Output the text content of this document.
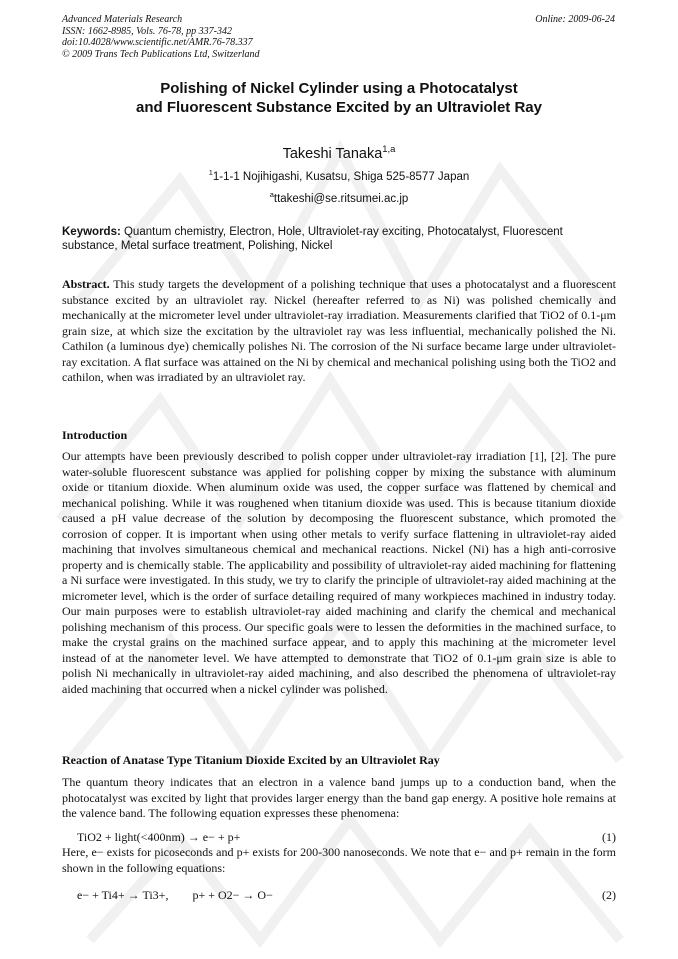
Advanced Materials Research
ISSN: 1662-8985, Vols. 76-78, pp 337-342
doi:10.4028/www.scientific.net/AMR.76-78.337
© 2009 Trans Tech Publications Ltd, Switzerland
Online: 2009-06-24
Polishing of Nickel Cylinder using a Photocatalyst
and Fluorescent Substance Excited by an Ultraviolet Ray
Takeshi Tanaka$^{1,a}$
$^1$1-1-1 Nojihigashi, Kusatsu, Shiga 525-8577 Japan
$^a$ttakeshi@se.ritsumei.ac.jp
Keywords: Quantum chemistry, Electron, Hole, Ultraviolet-ray exciting, Photocatalyst, Fluorescent substance, Metal surface treatment, Polishing, Nickel

Abstract. This study targets the development of a polishing technique that uses a photocatalyst and a fluorescent substance excited by an ultraviolet ray. Nickel (hereafter referred to as Ni) was polished chemically and mechanically at the micrometer level under ultraviolet-ray irradiation. Measurements clarified that TiO2 of 0.1-μm grain size, at which size the excitation by the ultraviolet ray was less influential, mechanically polished the Ni. Cathilon (a luminous dye) chemically polishes Ni. The corrosion of the Ni surface became large under ultraviolet-ray excitation. A flat surface was attained on the Ni by chemical and mechanical polishing using both the TiO2 and cathilon, when was irradiated by an ultraviolet ray.

Introduction

Our attempts have been previously described to polish copper under ultraviolet-ray irradiation [1], [2]. The pure water-soluble fluorescent substance was applied for polishing copper by mixing the substance with aluminum oxide or titanium dioxide. When aluminum oxide was used, the copper surface was flattened by chemical and mechanical polishing. While it was roughened when titanium dioxide was used. This is because titanium dioxide caused a pH value decrease of the solution by decomposing the fluorescent substance, which promoted the corrosion of copper. It is important when using other metals to verify surface flattening in ultraviolet-ray aided machining that involves simultaneous chemical and mechanical reactions. Nickel (Ni) has a high anti-corrosive property and is chemically stable. The applicability and possibility of ultraviolet-ray aided machining for flattening a Ni surface were investigated. In this study, we try to clarify the principle of ultraviolet-ray aided machining at the micrometer level, which is the order of surface detailing required of many workpieces machined in industry today. Our main purposes were to establish ultraviolet-ray aided machining and clarify the chemical and mechanical polishing mechanism of this process. Our specific goals were to lessen the deformities in the machined surface, to make the crystal grains on the machined surface appear, and to apply this machining at the micrometer level instead of at the nanometer level. We have attempted to demonstrate that TiO2 of 0.1-μm grain size is able to polish Ni mechanically in ultraviolet-ray aided machining, and also described the phenomena of ultraviolet-ray aided machining that occurred when a nickel cylinder was polished.

Reaction of Anatase Type Titanium Dioxide Excited by an Ultraviolet Ray

The quantum theory indicates that an electron in a valence band jumps up to a conduction band, when the photocatalyst was excited by light that provides larger energy than the band gap energy. A positive hole remains at the valence band. The following equation expresses these phenomena:

TiO2 + light(<400nm) → e− + p+	(1)

Here, e− exists for picoseconds and p+ exists for 200-300 nanoseconds. We note that e− and p+ remain in the form shown in the following equations:

e− + Ti4+ → Ti3+,        p+ + O2− → O−	(2)
